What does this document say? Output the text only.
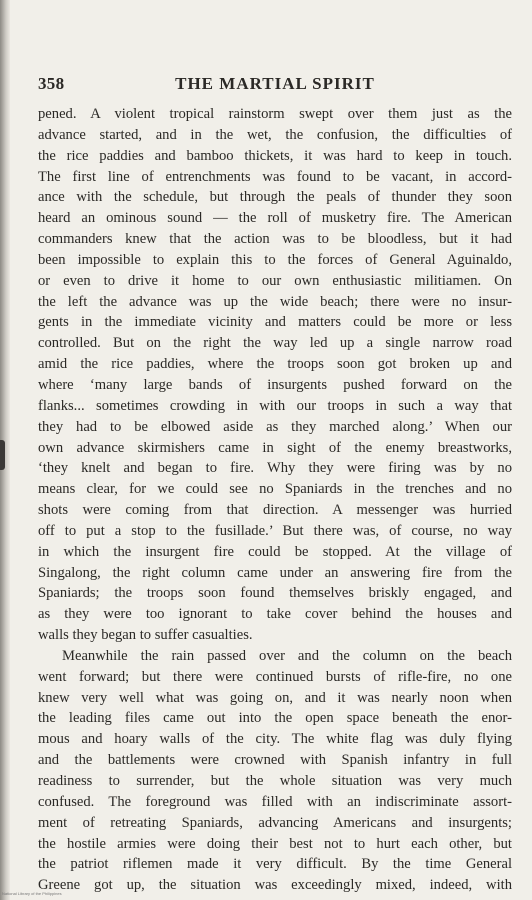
358	THE MARTIAL SPIRIT
pened. A violent tropical rainstorm swept over them just as the
advance started, and in the wet, the confusion, the difficulties of
the rice paddies and bamboo thickets, it was hard to keep in touch.
The first line of entrenchments was found to be vacant, in accord-
ance with the schedule, but through the peals of thunder they soon
heard an ominous sound — the roll of musketry fire. The American
commanders knew that the action was to be bloodless, but it had
been impossible to explain this to the forces of General Aguinaldo,
or even to drive it home to our own enthusiastic militiamen. On
the left the advance was up the wide beach; there were no insur-
gents in the immediate vicinity and matters could be more or less
controlled. But on the right the way led up a single narrow road
amid the rice paddies, where the troops soon got broken up and
where ‘many large bands of insurgents pushed forward on the
flanks... sometimes crowding in with our troops in such a way that
they had to be elbowed aside as they marched along.’ When our
own advance skirmishers came in sight of the enemy breastworks,
‘they knelt and began to fire. Why they were firing was by no
means clear, for we could see no Spaniards in the trenches and no
shots were coming from that direction. A messenger was hurried
off to put a stop to the fusillade.’ But there was, of course, no way
in which the insurgent fire could be stopped. At the village of
Singalong, the right column came under an answering fire from the
Spaniards; the troops soon found themselves briskly engaged, and
as they were too ignorant to take cover behind the houses and
walls they began to suffer casualties.
Meanwhile the rain passed over and the column on the beach
went forward; but there were continued bursts of rifle-fire, no one
knew very well what was going on, and it was nearly noon when
the leading files came out into the open space beneath the enor-
mous and hoary walls of the city. The white flag was duly flying
and the battlements were crowned with Spanish infantry in full
readiness to surrender, but the whole situation was very much
confused. The foreground was filled with an indiscriminate assort-
ment of retreating Spaniards, advancing Americans and insurgents;
the hostile armies were doing their best not to hurt each other, but
the patriot riflemen made it very difficult. By the time General
Greene got up, the situation was exceedingly mixed, indeed, with
National Library of the Philippines
